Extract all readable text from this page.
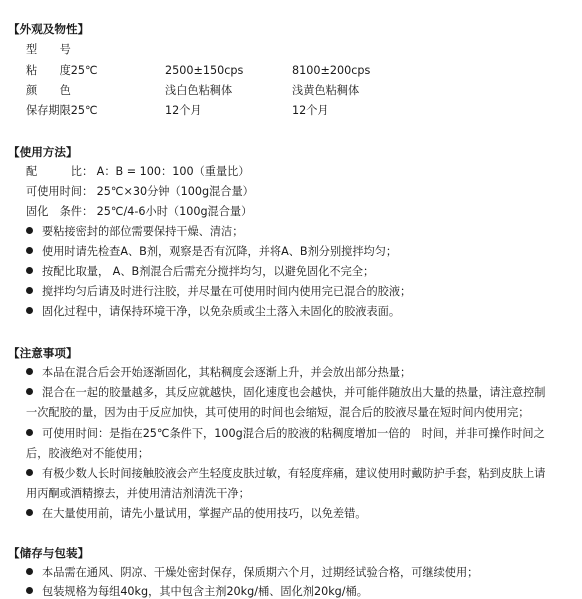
【外观及物性】
型　　号
粘　　度25℃	2500±150cps	8100±200cps
颜　　色	浅白色粘稠体	浅黄色粘稠体
保存期限25℃	12个月	12个月
【使用方法】
配　　　比： A：B = 100：100（重量比）
可使用时间： 25℃×30分钟（100g混合量）
固化　条件： 25℃/4-6小时（100g混合量）
要粘接密封的部位需要保持干燥、清洁；
使用时请先检查A、B剂，观察是否有沉降，并将A、B剂分别搅拌均匀；
按配比取量， A、B剂混合后需充分搅拌均匀，以避免固化不完全；
搅拌均匀后请及时进行注胶，并尽量在可使用时间内使用完已混合的胶液；
固化过程中，请保持环境干净，以免杂质或尘土落入未固化的胶液表面。
【注意事项】
本品在混合后会开始逐渐固化，其粘稠度会逐渐上升，并会放出部分热量；
混合在一起的胶量越多，其反应就越快，固化速度也会越快，并可能伴随放出大量的热量，请注意控制
一次配胶的量，因为由于反应加快，其可使用的时间也会缩短，混合后的胶液尽量在短时间内使用完；
可使用时间：是指在25℃条件下，100g混合后的胶液的粘稠度增加一倍的　时间，并非可操作时间之
后，胶液绝对不能使用；
有极少数人长时间接触胶液会产生轻度皮肤过敏，有轻度痒痛，建议使用时戴防护手套，粘到皮肤上请
用丙酮或酒精擦去，并使用清洁剂清洗干净；
在大量使用前，请先小量试用，掌握产品的使用技巧，以免差错。
【储存与包装】
本品需在通风、阴凉、干燥处密封保存，保质期六个月，过期经试验合格，可继续使用；
包装规格为每组40kg，其中包含主剂20kg/桶、固化剂20kg/桶。
